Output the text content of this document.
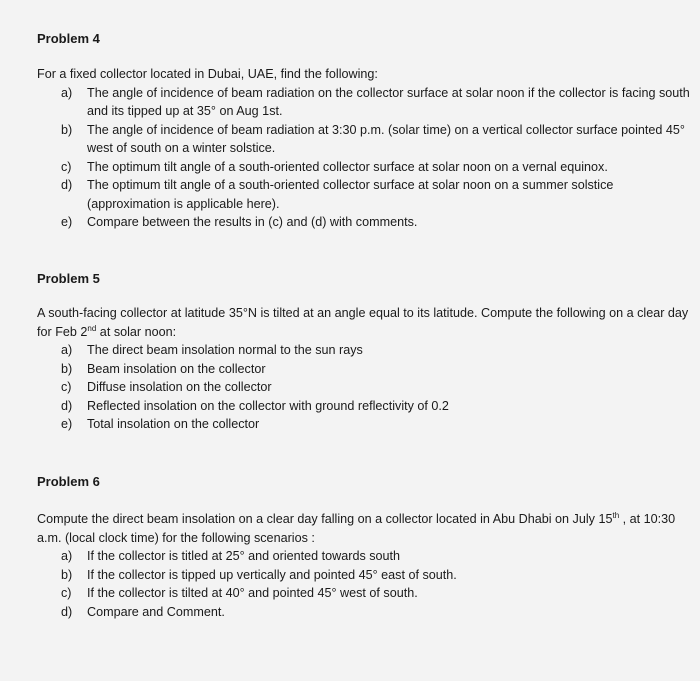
Problem 4

For a fixed collector located in Dubai, UAE, find the following:

a) The angle of incidence of beam radiation on the collector surface at solar noon if the collector is facing south and its tipped up at 35° on Aug 1st.
b) The angle of incidence of beam radiation at 3:30 p.m. (solar time) on a vertical collector surface pointed 45° west of south on a winter solstice.
c) The optimum tilt angle of a south-oriented collector surface at solar noon on a vernal equinox.
d) The optimum tilt angle of a south-oriented collector surface at solar noon on a summer solstice (approximation is applicable here).
e) Compare between the results in (c) and (d) with comments.
Problem 5

A south-facing collector at latitude 35°N is tilted at an angle equal to its latitude. Compute the following on a clear day for Feb 2nd at solar noon:

a) The direct beam insolation normal to the sun rays
b) Beam insolation on the collector
c) Diffuse insolation on the collector
d) Reflected insolation on the collector with ground reflectivity of 0.2
e) Total insolation on the collector
Problem 6

Compute the direct beam insolation on a clear day falling on a collector located in Abu Dhabi on July 15th , at 10:30 a.m. (local clock time) for the following scenarios :

a) If the collector is titled at 25° and oriented towards south
b) If the collector is tipped up vertically and pointed 45° east of south.
c) If the collector is tilted at 40° and pointed 45° west of south.
d) Compare and Comment.
